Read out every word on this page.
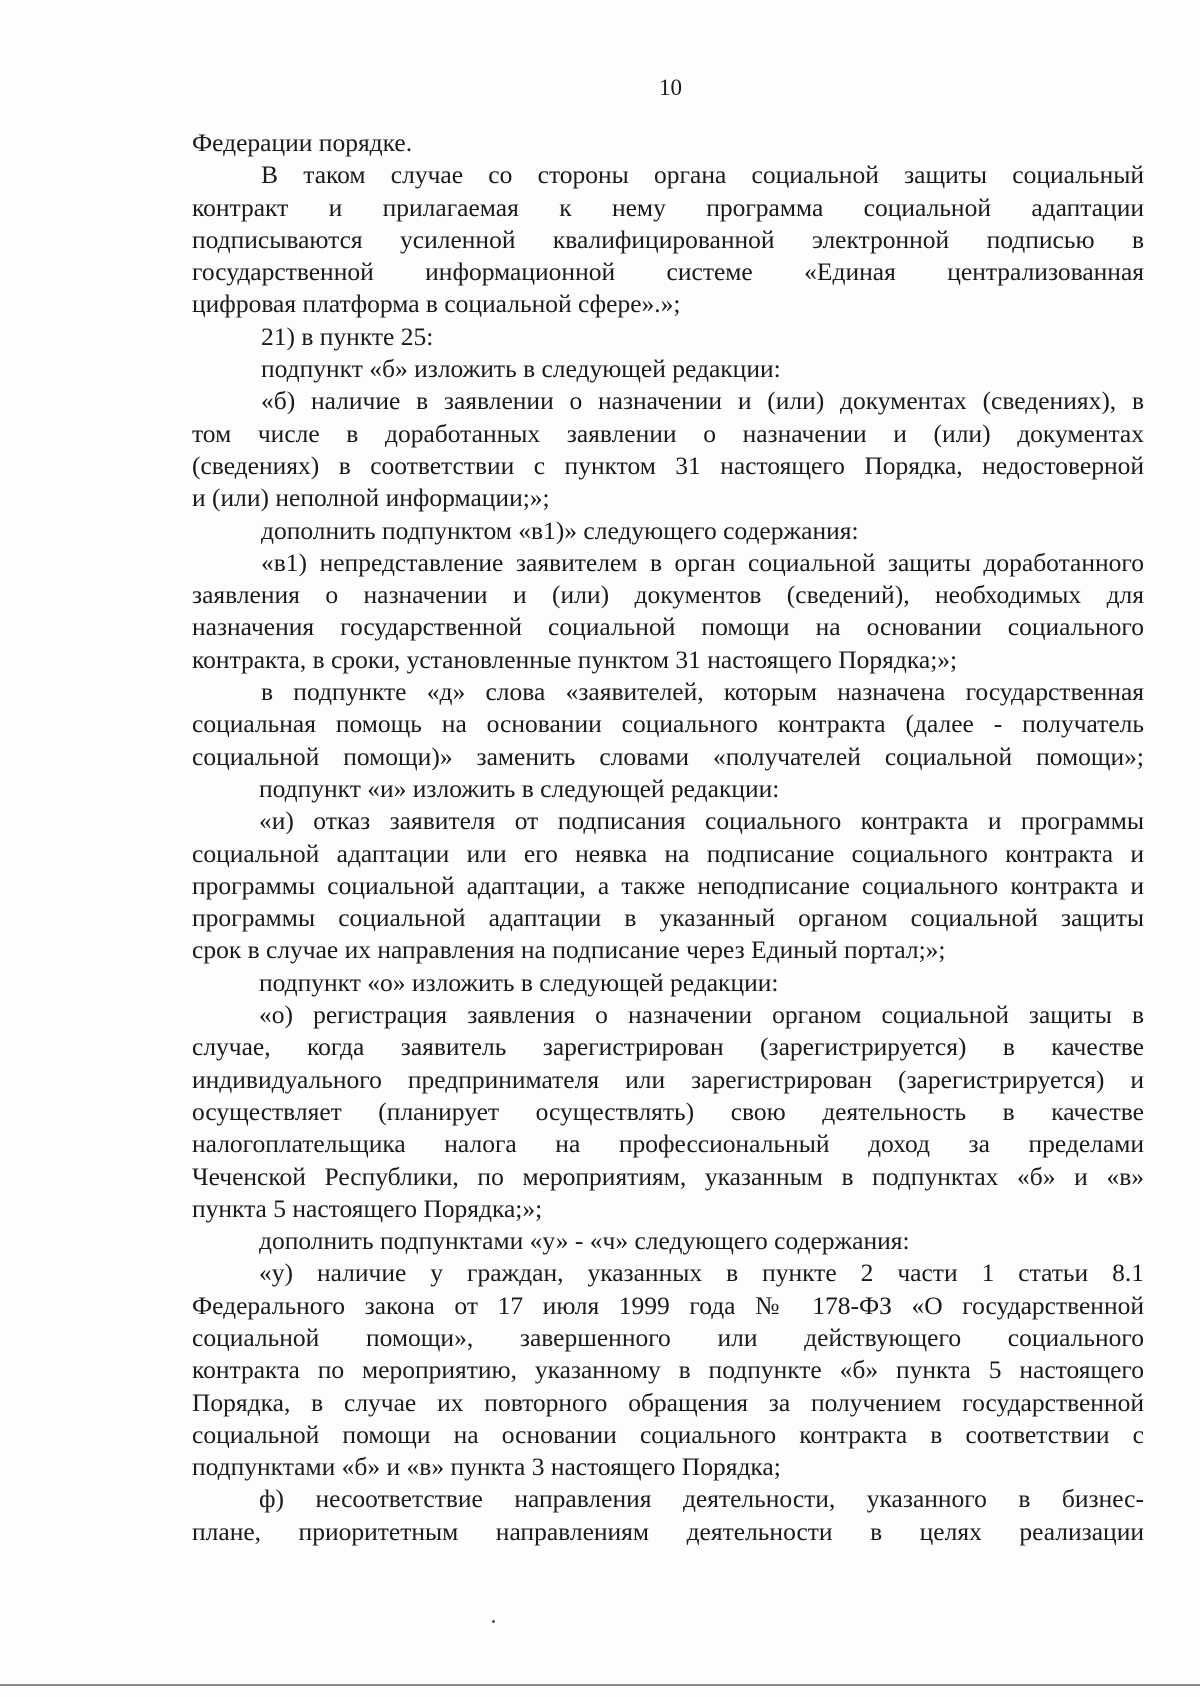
10
Федерации порядке.
В таком случае со стороны органа социальной защиты социальный
контракт и прилагаемая к нему программа социальной адаптации
подписываются усиленной квалифицированной электронной подписью в
государственной информационной системе «Единая централизованная
цифровая платформа в социальной сфере».»;
21) в пункте 25:
подпункт «б» изложить в следующей редакции:
«б) наличие в заявлении о назначении и (или) документах (сведениях), в
том числе в доработанных заявлении о назначении и (или) документах
(сведениях) в соответствии с пунктом 31 настоящего Порядка, недостоверной
и (или) неполной информации;»;
дополнить подпунктом «в1)» следующего содержания:
«в1) непредставление заявителем в орган социальной защиты доработанного
заявления о назначении и (или) документов (сведений), необходимых для
назначения государственной социальной помощи на основании социального
контракта, в сроки, установленные пунктом 31 настоящего Порядка;»;
в подпункте «д» слова «заявителей, которым назначена государственная
социальная помощь на основании социального контракта (далее - получатель
социальной помощи)» заменить словами «получателей социальной помощи»;
подпункт «и» изложить в следующей редакции:
«и) отказ заявителя от подписания социального контракта и программы
социальной адаптации или его неявка на подписание социального контракта и
программы социальной адаптации, а также неподписание социального контракта и
программы социальной адаптации в указанный органом социальной защиты
срок в случае их направления на подписание через Единый портал;»;
подпункт «о» изложить в следующей редакции:
«о) регистрация заявления о назначении органом социальной защиты в
случае, когда заявитель зарегистрирован (зарегистрируется) в качестве
индивидуального предпринимателя или зарегистрирован (зарегистрируется) и
осуществляет (планирует осуществлять) свою деятельность в качестве
налогоплательщика налога на профессиональный доход за пределами
Чеченской Республики, по мероприятиям, указанным в подпунктах «б» и «в»
пункта 5 настоящего Порядка;»;
дополнить подпунктами «у» - «ч» следующего содержания:
«у) наличие у граждан, указанных в пункте 2 части 1 статьи 8.1
Федерального закона от 17 июля 1999 года № 178-ФЗ «О государственной
социальной помощи», завершенного или действующего социального
контракта по мероприятию, указанному в подпункте «б» пункта 5 настоящего
Порядка, в случае их повторного обращения за получением государственной
социальной помощи на основании социального контракта в соответствии с
подпунктами «б» и «в» пункта 3 настоящего Порядка;
ф) несоответствие направления деятельности, указанного в бизнес-
плане, приоритетным направлениям деятельности в целях реализации
